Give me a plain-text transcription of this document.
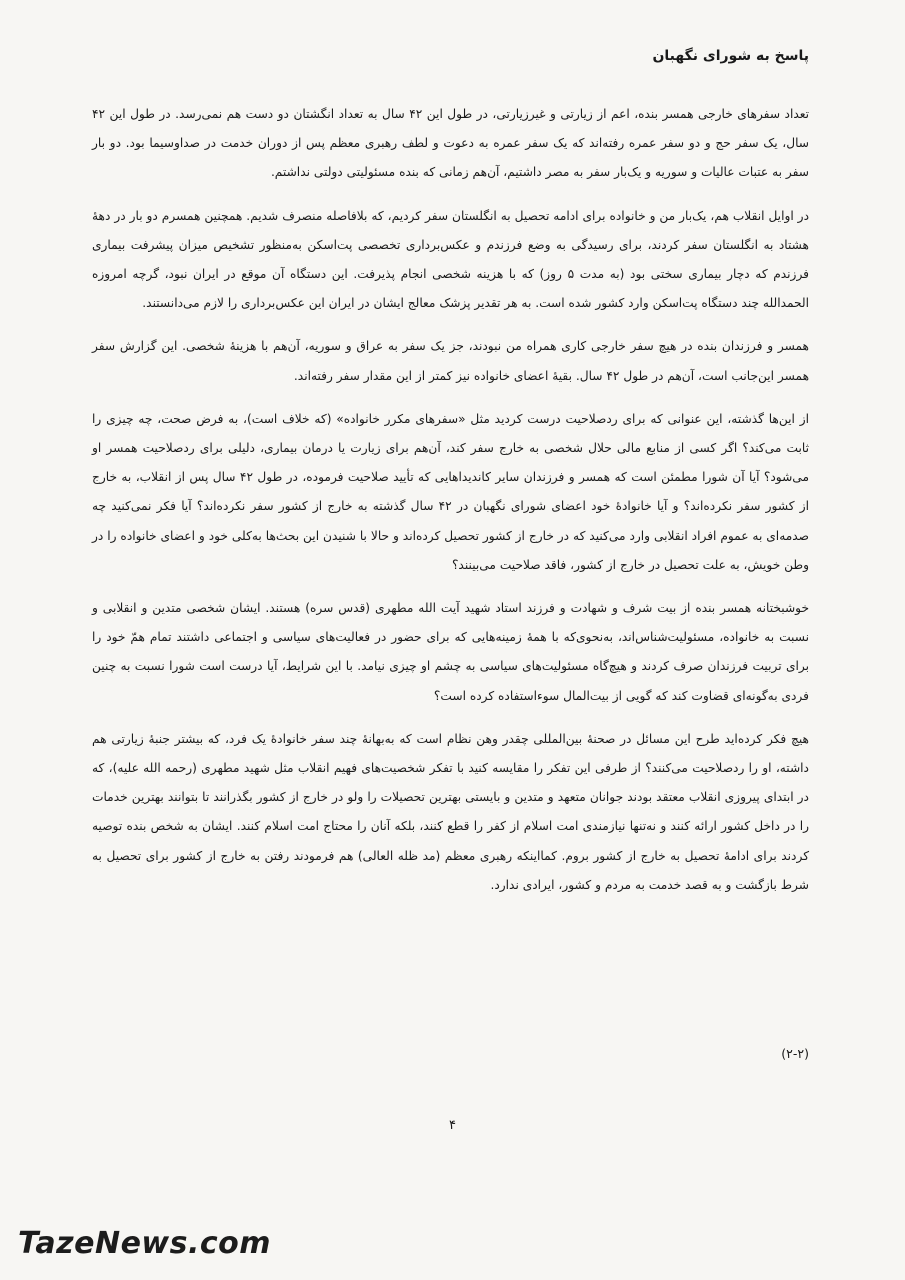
پاسخ به شورای نگهبان

تعداد سفرهای خارجی همسر بنده، اعم از زیارتی و غیرزیارتی، در طول این ۴۲ سال به تعداد انگشتان دو دست هم نمی‌رسد. در طول این ۴۲ سال، یک سفر حج و دو سفر عمره رفته‌اند که یک سفر عمره به دعوت و لطف رهبری معظم پس از دوران خدمت در صداوسیما بود. دو بار سفر به عتبات عالیات و سوریه و یک‌بار سفر به مصر داشتیم، آن‌هم زمانی که بنده مسئولیتی دولتی نداشتم.

در اوایل انقلاب هم، یک‌بار من و خانواده برای ادامه تحصیل به انگلستان سفر کردیم، که بلافاصله منصرف شدیم. همچنین همسرم دو بار در دهۀ هشتاد به انگلستان سفر کردند، برای رسیدگی به وضع فرزندم و عکس‌برداری تخصصی پت‌اسکن به‌منظور تشخیص میزان پیشرفت بیماری فرزندم که دچار بیماری سختی بود (به مدت ۵ روز) که با هزینه شخصی انجام پذیرفت. این دستگاه آن موقع در ایران نبود، گرچه امروزه الحمدالله چند دستگاه پت‌اسکن وارد کشور شده است. به هر تقدیر پزشک معالج ایشان در ایران این عکس‌برداری را لازم می‌دانستند.

همسر و فرزندان بنده در هیچ سفر خارجی کاری همراه من نبودند، جز یک سفر به عراق و سوریه، آن‌هم با هزینۀ شخصی. این گزارش سفر همسر این‌جانب است، آن‌هم در طول ۴۲ سال. بقیۀ اعضای خانواده نیز کمتر از این مقدار سفر رفته‌اند.

از این‌ها گذشته، این عنوانی که برای ردصلاحیت درست کردید مثل «سفرهای مکرر خانواده» (که خلاف است)، به فرض صحت، چه چیزی را ثابت می‌کند؟ اگر کسی از منابع مالی حلال شخصی به خارج سفر کند، آن‌هم برای زیارت یا درمان بیماری، دلیلی برای ردصلاحیت همسر او می‌شود؟ آیا آن شورا مطمئن است که همسر و فرزندان سایر کاندیداهایی که تأیید صلاحیت فرموده، در طول ۴۲ سال پس از انقلاب، به خارج از کشور سفر نکرده‌اند؟ و آیا خانوادۀ خود اعضای شورای نگهبان در ۴۲ سال گذشته به خارج از کشور سفر نکرده‌اند؟ آیا فکر نمی‌کنید چه صدمه‌ای به عموم افراد انقلابی وارد می‌کنید که در خارج از کشور تحصیل کرده‌اند و حالا با شنیدن این بحث‌ها به‌کلی خود و اعضای خانواده را در وطن خویش، به علت تحصیل در خارج از کشور، فاقد صلاحیت می‌بینند؟

خوشبختانه همسر بنده از بیت شرف و شهادت و فرزند استاد شهید آیت الله مطهری (قدس سره) هستند. ایشان شخصی متدین و انقلابی و نسبت به خانواده، مسئولیت‌شناس‌اند، به‌نحوی‌که با همۀ زمینه‌هایی که برای حضور در فعالیت‌های سیاسی و اجتماعی داشتند تمام همّ خود را برای تربیت فرزندان صرف کردند و هیچ‌گاه مسئولیت‌های سیاسی به چشم او چیزی نیامد. با این شرایط، آیا درست است شورا نسبت به چنین فردی به‌گونه‌ای قضاوت کند که گویی از بیت‌المال سوءاستفاده کرده است؟

هیچ فکر کرده‌اید طرح این مسائل در صحنۀ بین‌المللی چقدر وهن نظام است که به‌بهانۀ چند سفر خانوادۀ یک فرد، که بیشتر جنبۀ زیارتی هم داشته، او را ردصلاحیت می‌کنند؟ از طرفی این تفکر را مقایسه کنید با تفکر شخصیت‌های فهیم انقلاب مثل شهید مطهری (رحمه الله علیه)، که در ابتدای پیروزی انقلاب معتقد بودند جوانان متعهد و متدین و بایستی بهترین تحصیلات را ولو در خارج از کشور بگذرانند تا بتوانند بهترین خدمات را در داخل کشور ارائه کنند و نه‌تنها نیازمندی امت اسلام از کفر را قطع کنند، بلکه آنان را محتاج امت اسلام کنند. ایشان به شخص بنده توصیه کردند برای ادامۀ تحصیل به خارج از کشور بروم. کمااینکه رهبری معظم (مد ظله العالی) هم فرمودند رفتن به خارج از کشور برای تحصیل به شرط بازگشت و به قصد خدمت به مردم و کشور، ایرادی ندارد.

(۲-۲)
۴
TazeNews.com
